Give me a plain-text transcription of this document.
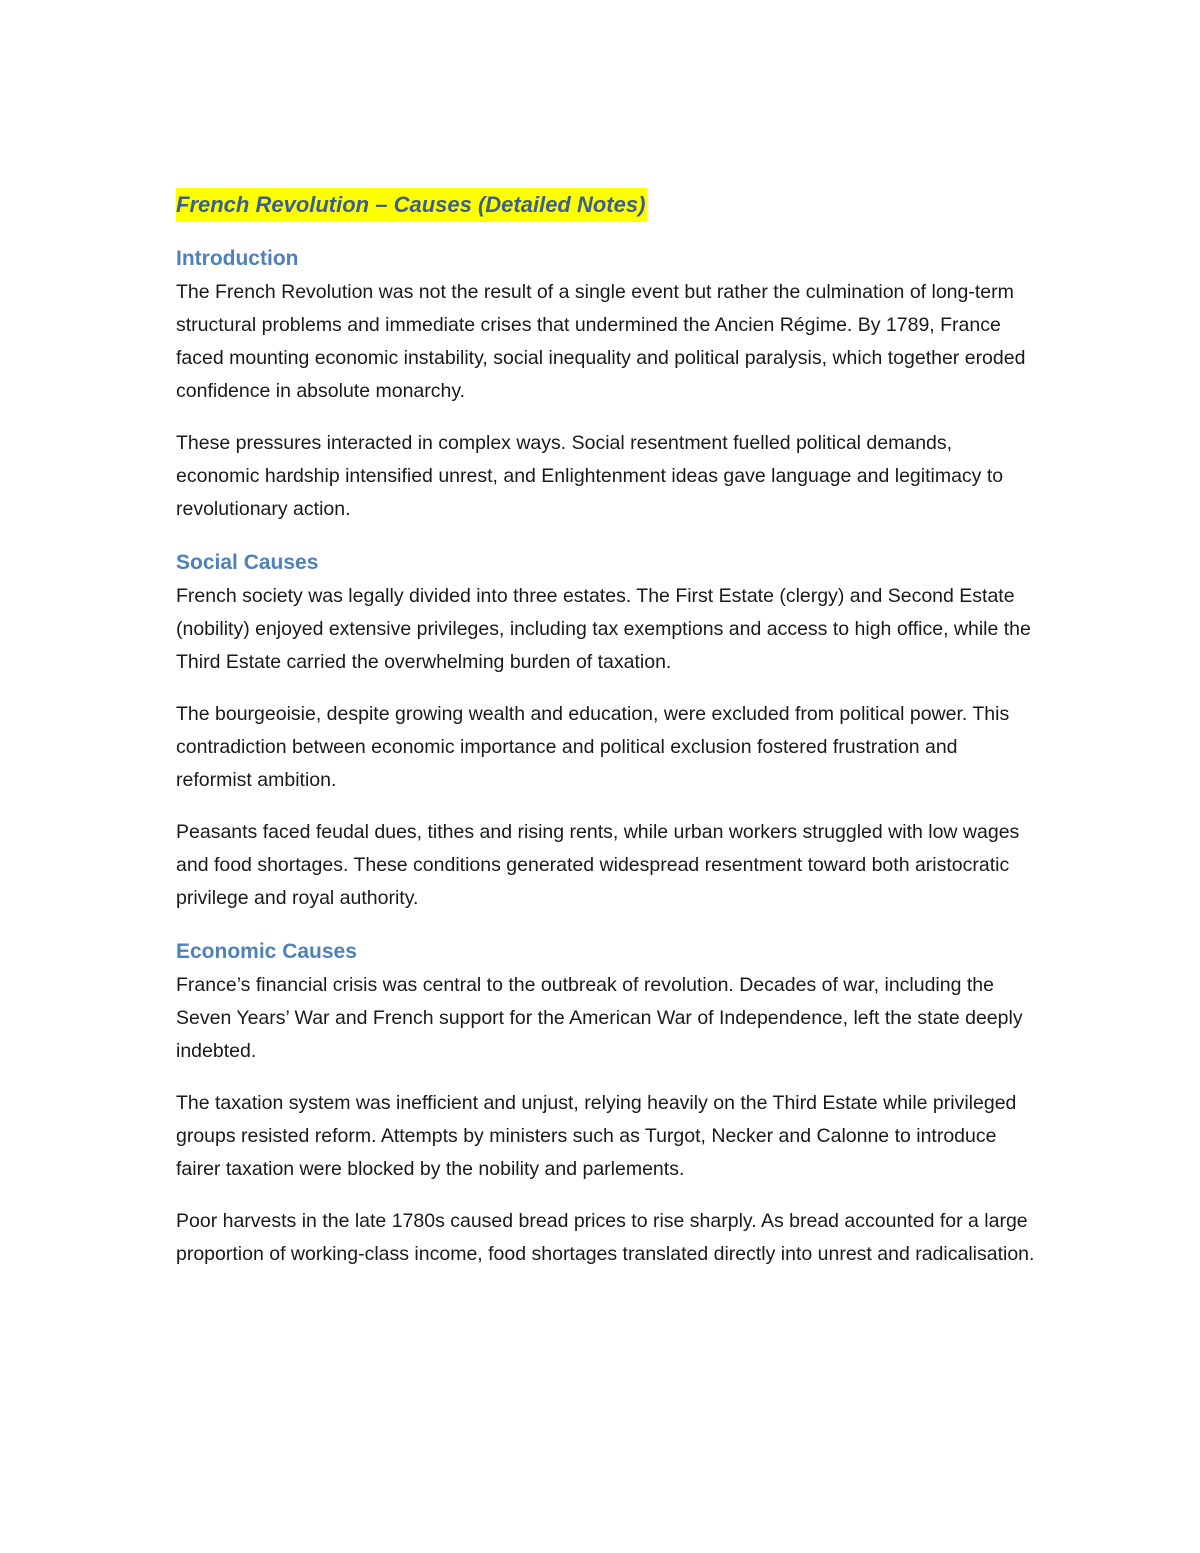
French Revolution – Causes (Detailed Notes)
Introduction

The French Revolution was not the result of a single event but rather the culmination of long-term structural problems and immediate crises that undermined the Ancien Régime. By 1789, France faced mounting economic instability, social inequality and political paralysis, which together eroded confidence in absolute monarchy.

These pressures interacted in complex ways. Social resentment fuelled political demands, economic hardship intensified unrest, and Enlightenment ideas gave language and legitimacy to revolutionary action.

Social Causes

French society was legally divided into three estates. The First Estate (clergy) and Second Estate (nobility) enjoyed extensive privileges, including tax exemptions and access to high office, while the Third Estate carried the overwhelming burden of taxation.

The bourgeoisie, despite growing wealth and education, were excluded from political power. This contradiction between economic importance and political exclusion fostered frustration and reformist ambition.

Peasants faced feudal dues, tithes and rising rents, while urban workers struggled with low wages and food shortages. These conditions generated widespread resentment toward both aristocratic privilege and royal authority.

Economic Causes

France’s financial crisis was central to the outbreak of revolution. Decades of war, including the Seven Years’ War and French support for the American War of Independence, left the state deeply indebted.

The taxation system was inefficient and unjust, relying heavily on the Third Estate while privileged groups resisted reform. Attempts by ministers such as Turgot, Necker and Calonne to introduce fairer taxation were blocked by the nobility and parlements.

Poor harvests in the late 1780s caused bread prices to rise sharply. As bread accounted for a large proportion of working-class income, food shortages translated directly into unrest and radicalisation.
